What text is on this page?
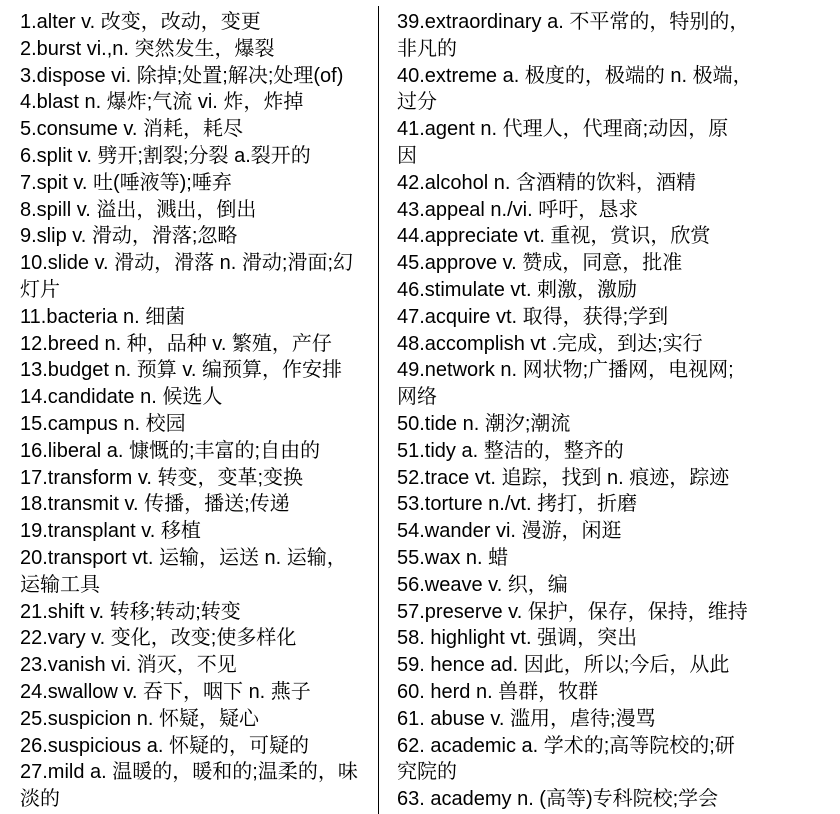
1.alter v. 改变，改动，变更
2.burst vi.,n. 突然发生，爆裂
3.dispose vi. 除掉;处置;解决;处理(of)
4.blast n. 爆炸;气流 vi. 炸，炸掉
5.consume v. 消耗，耗尽
6.split v. 劈开;割裂;分裂 a.裂开的
7.spit v. 吐(唾液等);唾弃
8.spill v. 溢出，溅出，倒出
9.slip v. 滑动，滑落;忽略
10.slide v. 滑动，滑落 n. 滑动;滑面;幻
灯片
11.bacteria n. 细菌
12.breed n. 种，品种 v. 繁殖，产仔
13.budget n. 预算 v. 编预算，作安排
14.candidate n. 候选人
15.campus n. 校园
16.liberal a. 慷慨的;丰富的;自由的
17.transform v. 转变，变革;变换
18.transmit v. 传播，播送;传递
19.transplant v. 移植
20.transport vt. 运输，运送 n. 运输，
运输工具
21.shift v. 转移;转动;转变
22.vary v. 变化，改变;使多样化
23.vanish vi. 消灭，不见
24.swallow v. 吞下，咽下 n. 燕子
25.suspicion n. 怀疑，疑心
26.suspicious a. 怀疑的，可疑的
27.mild a. 温暖的，暖和的;温柔的，味
淡的
39.extraordinary a. 不平常的，特别的，
非凡的
40.extreme a. 极度的，极端的 n. 极端，
过分
41.agent n. 代理人，代理商;动因，原
因
42.alcohol n. 含酒精的饮料，酒精
43.appeal n./vi. 呼吁，恳求
44.appreciate vt. 重视，赏识，欣赏
45.approve v. 赞成，同意，批准
46.stimulate vt. 刺激，激励
47.acquire vt. 取得，获得;学到
48.accomplish vt .完成，到达;实行
49.network n. 网状物;广播网，电视网;
网络
50.tide n. 潮汐;潮流
51.tidy a. 整洁的，整齐的
52.trace vt. 追踪，找到 n. 痕迹，踪迹
53.torture n./vt. 拷打，折磨
54.wander vi. 漫游，闲逛
55.wax n. 蜡
56.weave v. 织，编
57.preserve v. 保护，保存，保持，维持
58. highlight vt. 强调，突出
59. hence ad. 因此，所以;今后，从此
60. herd n. 兽群，牧群
61. abuse v. 滥用，虐待;漫骂
62. academic a. 学术的;高等院校的;研
究院的
63. academy n. (高等)专科院校;学会
